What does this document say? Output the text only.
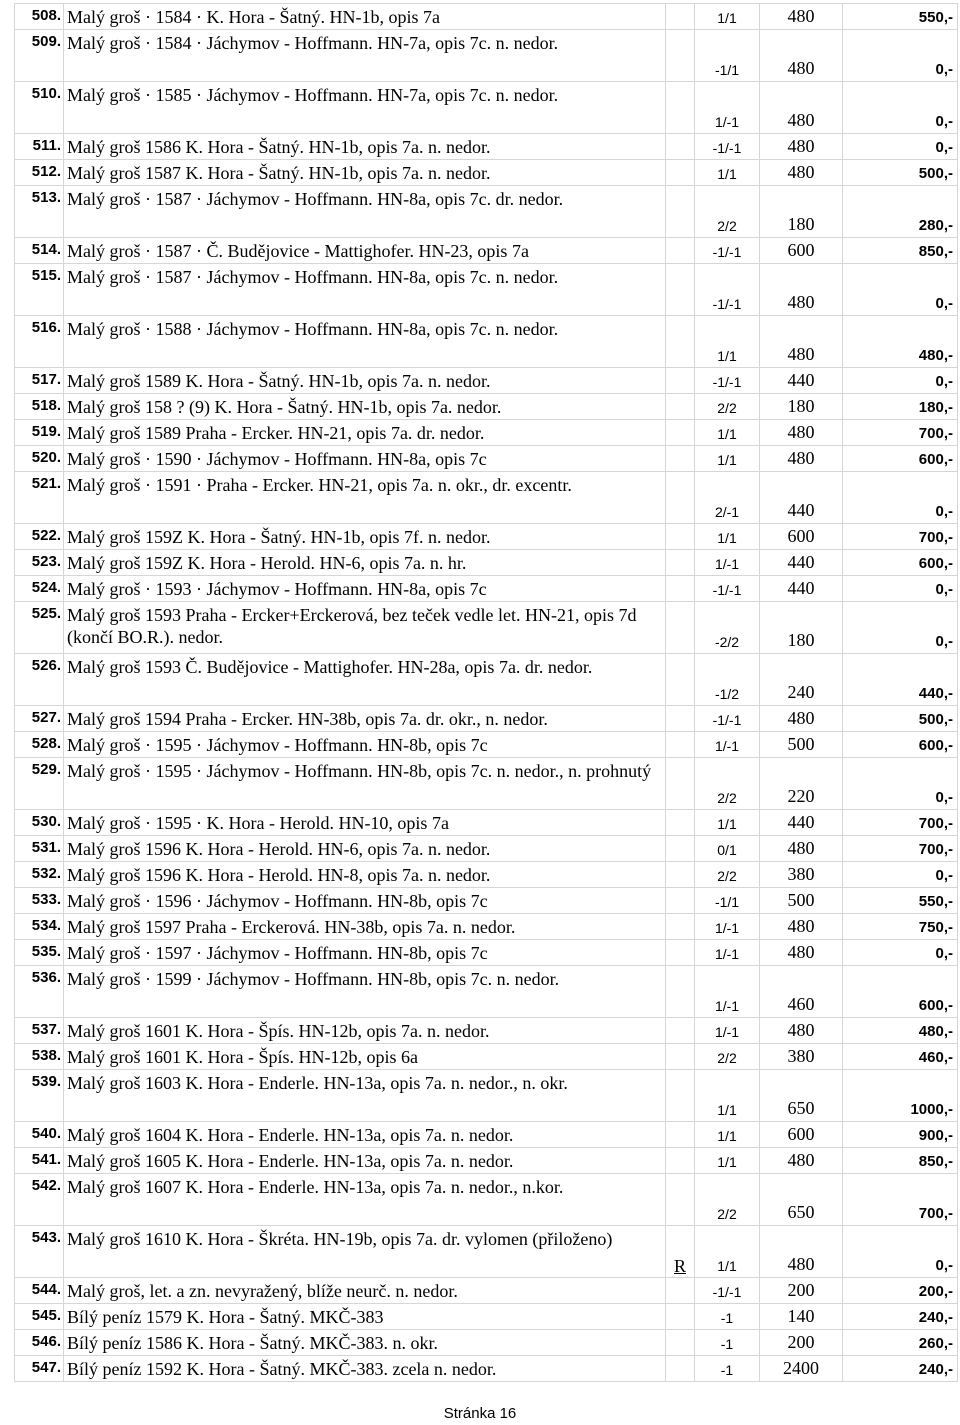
508.	Malý groš · 1584 · K. Hora - Šatný. HN-1b, opis 7a		1/1	480	550,-
509.	Malý groš · 1584 · Jáchymov - Hoffmann. HN-7a, opis 7c. n. nedor.		-1/1	480	0,-
510.	Malý groš · 1585 · Jáchymov - Hoffmann. HN-7a, opis 7c. n. nedor.		1/-1	480	0,-
511.	Malý groš 1586 K. Hora - Šatný. HN-1b, opis 7a. n. nedor.		-1/-1	480	0,-
512.	Malý groš 1587 K. Hora - Šatný. HN-1b, opis 7a. n. nedor.		1/1	480	500,-
513.	Malý groš · 1587 · Jáchymov - Hoffmann. HN-8a, opis 7c. dr. nedor.		2/2	180	280,-
514.	Malý groš · 1587 · Č. Budějovice - Mattighofer. HN-23, opis 7a		-1/-1	600	850,-
515.	Malý groš · 1587 · Jáchymov - Hoffmann. HN-8a, opis 7c. n. nedor.		-1/-1	480	0,-
516.	Malý groš · 1588 · Jáchymov - Hoffmann. HN-8a, opis 7c. n. nedor.		1/1	480	480,-
517.	Malý groš 1589 K. Hora - Šatný. HN-1b, opis 7a. n. nedor.		-1/-1	440	0,-
518.	Malý groš 158 ? (9) K. Hora - Šatný. HN-1b, opis 7a. nedor.		2/2	180	180,-
519.	Malý groš 1589 Praha - Ercker. HN-21, opis 7a. dr. nedor.		1/1	480	700,-
520.	Malý groš · 1590 · Jáchymov - Hoffmann. HN-8a, opis 7c		1/1	480	600,-
521.	Malý groš · 1591 · Praha - Ercker. HN-21, opis 7a. n. okr., dr. excentr.		2/-1	440	0,-
522.	Malý groš 159Z K. Hora - Šatný. HN-1b, opis 7f. n. nedor.		1/1	600	700,-
523.	Malý groš 159Z K. Hora - Herold. HN-6, opis 7a. n. hr.		1/-1	440	600,-
524.	Malý groš · 1593 · Jáchymov - Hoffmann. HN-8a, opis 7c		-1/-1	440	0,-
525.	Malý groš 1593 Praha - Ercker+Erckerová, bez teček vedle let. HN-21, opis 7d (končí BO.R.). nedor.		-2/2	180	0,-
526.	Malý groš 1593 Č. Budějovice - Mattighofer. HN-28a, opis 7a. dr. nedor.		-1/2	240	440,-
527.	Malý groš 1594 Praha - Ercker. HN-38b, opis 7a. dr. okr., n. nedor.		-1/-1	480	500,-
528.	Malý groš · 1595 · Jáchymov - Hoffmann. HN-8b, opis 7c		1/-1	500	600,-
529.	Malý groš · 1595 · Jáchymov - Hoffmann. HN-8b, opis 7c. n. nedor., n. prohnutý		2/2	220	0,-
530.	Malý groš · 1595 · K. Hora - Herold. HN-10, opis 7a		1/1	440	700,-
531.	Malý groš 1596 K. Hora - Herold. HN-6, opis 7a. n. nedor.		0/1	480	700,-
532.	Malý groš 1596 K. Hora - Herold. HN-8, opis 7a. n. nedor.		2/2	380	0,-
533.	Malý groš · 1596 · Jáchymov - Hoffmann. HN-8b, opis 7c		-1/1	500	550,-
534.	Malý groš 1597 Praha - Erckerová. HN-38b, opis 7a. n. nedor.		1/-1	480	750,-
535.	Malý groš · 1597 · Jáchymov - Hoffmann. HN-8b, opis 7c		1/-1	480	0,-
536.	Malý groš · 1599 · Jáchymov - Hoffmann. HN-8b, opis 7c. n. nedor.		1/-1	460	600,-
537.	Malý groš 1601 K. Hora - Špís. HN-12b, opis 7a. n. nedor.		1/-1	480	480,-
538.	Malý groš 1601 K. Hora - Špís. HN-12b, opis 6a		2/2	380	460,-
539.	Malý groš 1603 K. Hora - Enderle. HN-13a, opis 7a. n. nedor., n. okr.		1/1	650	1000,-
540.	Malý groš 1604 K. Hora - Enderle. HN-13a, opis 7a. n. nedor.		1/1	600	900,-
541.	Malý groš 1605 K. Hora - Enderle. HN-13a, opis 7a. n. nedor.		1/1	480	850,-
542.	Malý groš 1607 K. Hora - Enderle. HN-13a, opis 7a. n. nedor., n.kor.		2/2	650	700,-
543.	Malý groš 1610 K. Hora - Škréta. HN-19b, opis 7a. dr. vylomen (přiloženo)	R	1/1	480	0,-
544.	Malý groš, let. a zn. nevyražený, blíže neurč. n. nedor.		-1/-1	200	200,-
545.	Bílý peníz 1579 K. Hora - Šatný. MKČ-383		-1	140	240,-
546.	Bílý peníz 1586 K. Hora - Šatný. MKČ-383. n. okr.		-1	200	260,-
547.	Bílý peníz 1592 K. Hora - Šatný. MKČ-383. zcela n. nedor.		-1	2400	240,-
Stránka 16
